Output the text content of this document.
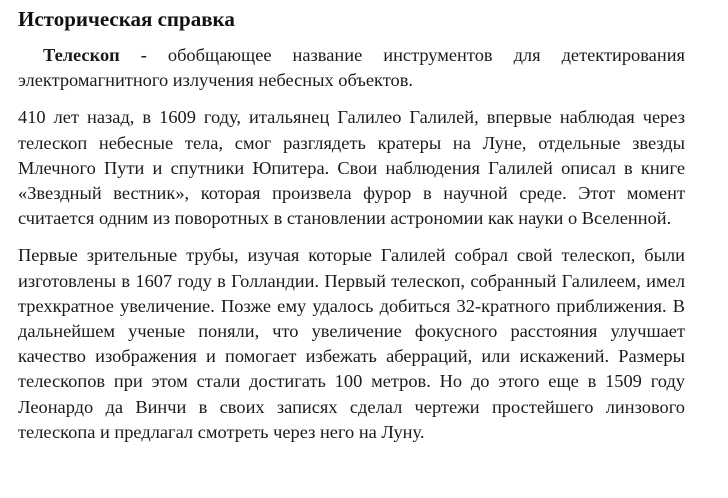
Историческая справка

Телескоп - обобщающее название инструментов для детектирования электромагнитного излучения небесных объектов.

410 лет назад, в 1609 году, итальянец Галилео Галилей, впервые наблюдая через телескоп небесные тела, смог разглядеть кратеры на Луне, отдельные звезды Млечного Пути и спутники Юпитера. Свои наблюдения Галилей описал в книге «Звездный вестник», которая произвела фурор в научной среде. Этот момент считается одним из поворотных в становлении астрономии как науки о Вселенной.

Первые зрительные трубы, изучая которые Галилей собрал свой телескоп, были изготовлены в 1607 году в Голландии. Первый телескоп, собранный Галилеем, имел трехкратное увеличение. Позже ему удалось добиться 32-кратного приближения. В дальнейшем ученые поняли, что увеличение фокусного расстояния улучшает качество изображения и помогает избежать аберраций, или искажений. Размеры телескопов при этом стали достигать 100 метров. Но до этого еще в 1509 году Леонардо да Винчи в своих записях сделал чертежи простейшего линзового телескопа и предлагал смотреть через него на Луну.
